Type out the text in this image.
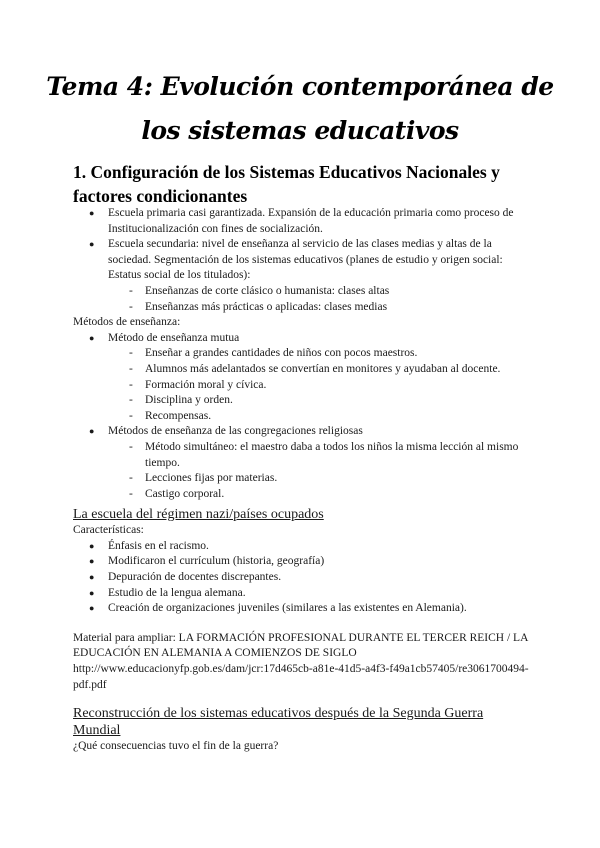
Tema 4: Evolución contemporánea de
los sistemas educativos
1. Configuración de los Sistemas Educativos Nacionales y factores condicionantes
● Escuela primaria casi garantizada. Expansión de la educación primaria como proceso de Institucionalización con fines de socialización.
● Escuela secundaria: nivel de enseñanza al servicio de las clases medias y altas de la sociedad. Segmentación de los sistemas educativos (planes de estudio y origen social: Estatus social de los titulados):
- Enseñanzas de corte clásico o humanista: clases altas
- Enseñanzas más prácticas o aplicadas: clases medias
Métodos de enseñanza:
● Método de enseñanza mutua
- Enseñar a grandes cantidades de niños con pocos maestros.
- Alumnos más adelantados se convertían en monitores y ayudaban al docente.
- Formación moral y cívica.
- Disciplina y orden.
- Recompensas.
● Métodos de enseñanza de las congregaciones religiosas
- Método simultáneo: el maestro daba a todos los niños la misma lección al mismo tiempo.
- Lecciones fijas por materias.
- Castigo corporal.
La escuela del régimen nazi/países ocupados
Características:
● Énfasis en el racismo.
● Modificaron el currículum (historia, geografía)
● Depuración de docentes discrepantes.
● Estudio de la lengua alemana.
● Creación de organizaciones juveniles (similares a las existentes en Alemania).
Material para ampliar: LA FORMACIÓN PROFESIONAL DURANTE EL TERCER REICH / LA EDUCACIÓN EN ALEMANIA A COMIENZOS DE SIGLO
http://www.educacionyfp.gob.es/dam/jcr:17d465cb-a81e-41d5-a4f3-f49a1cb57405/re3061700494-pdf.pdf
Reconstrucción de los sistemas educativos después de la Segunda Guerra Mundial
¿Qué consecuencias tuvo el fin de la guerra?
